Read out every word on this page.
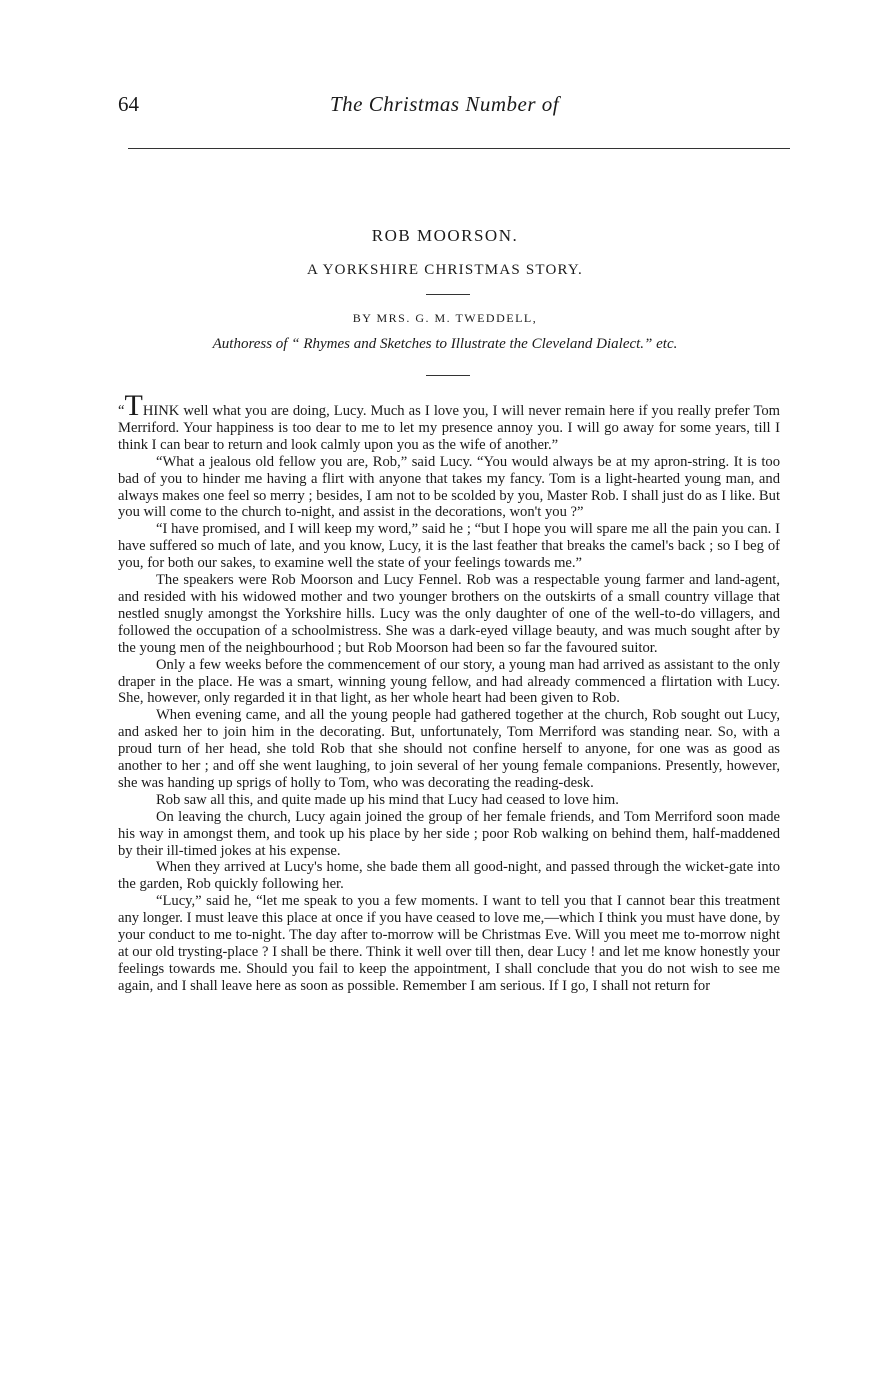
64	The Christmas Number of
ROB MOORSON.
A YORKSHIRE CHRISTMAS STORY.
BY MRS. G. M. TWEDDELL,
Authoress of “ Rhymes and Sketches to Illustrate the Cleveland Dialect.” etc.

“THINK well what you are doing, Lucy. Much as I love you, I will never remain here if you really prefer Tom Merriford. Your happiness is too dear to me to let my presence annoy you. I will go away for some years, till I think I can bear to return and look calmly upon you as the wife of another.”

“What a jealous old fellow you are, Rob,” said Lucy. “You would always be at my apron-string. It is too bad of you to hinder me having a flirt with anyone that takes my fancy. Tom is a light-hearted young man, and always makes one feel so merry ; besides, I am not to be scolded by you, Master Rob. I shall just do as I like. But you will come to the church to-night, and assist in the decorations, won't you ?”

“I have promised, and I will keep my word,” said he ; “but I hope you will spare me all the pain you can. I have suffered so much of late, and you know, Lucy, it is the last feather that breaks the camel's back ; so I beg of you, for both our sakes, to examine well the state of your feelings towards me.”

The speakers were Rob Moorson and Lucy Fennel. Rob was a respectable young farmer and land-agent, and resided with his widowed mother and two younger brothers on the outskirts of a small country village that nestled snugly amongst the Yorkshire hills. Lucy was the only daughter of one of the well-to-do villagers, and followed the occupation of a schoolmistress. She was a dark-eyed village beauty, and was much sought after by the young men of the neighbourhood ; but Rob Moorson had been so far the favoured suitor.

Only a few weeks before the commencement of our story, a young man had arrived as assistant to the only draper in the place. He was a smart, winning young fellow, and had already commenced a flirtation with Lucy. She, however, only regarded it in that light, as her whole heart had been given to Rob.

When evening came, and all the young people had gathered together at the church, Rob sought out Lucy, and asked her to join him in the decorating. But, unfortunately, Tom Merriford was standing near. So, with a proud turn of her head, she told Rob that she should not confine herself to anyone, for one was as good as another to her ; and off she went laughing, to join several of her young female companions. Presently, however, she was handing up sprigs of holly to Tom, who was decorating the reading-desk.

Rob saw all this, and quite made up his mind that Lucy had ceased to love him.

On leaving the church, Lucy again joined the group of her female friends, and Tom Merriford soon made his way in amongst them, and took up his place by her side ; poor Rob walking on behind them, half-maddened by their ill-timed jokes at his expense.

When they arrived at Lucy's home, she bade them all good-night, and passed through the wicket-gate into the garden, Rob quickly following her.

“Lucy,” said he, “let me speak to you a few moments. I want to tell you that I cannot bear this treatment any longer. I must leave this place at once if you have ceased to love me,—which I think you must have done, by your conduct to me to-night. The day after to-morrow will be Christmas Eve. Will you meet me to-morrow night at our old trysting-place ? I shall be there. Think it well over till then, dear Lucy ! and let me know honestly your feelings towards me. Should you fail to keep the appointment, I shall conclude that you do not wish to see me again, and I shall leave here as soon as possible. Remember I am serious. If I go, I shall not return for
